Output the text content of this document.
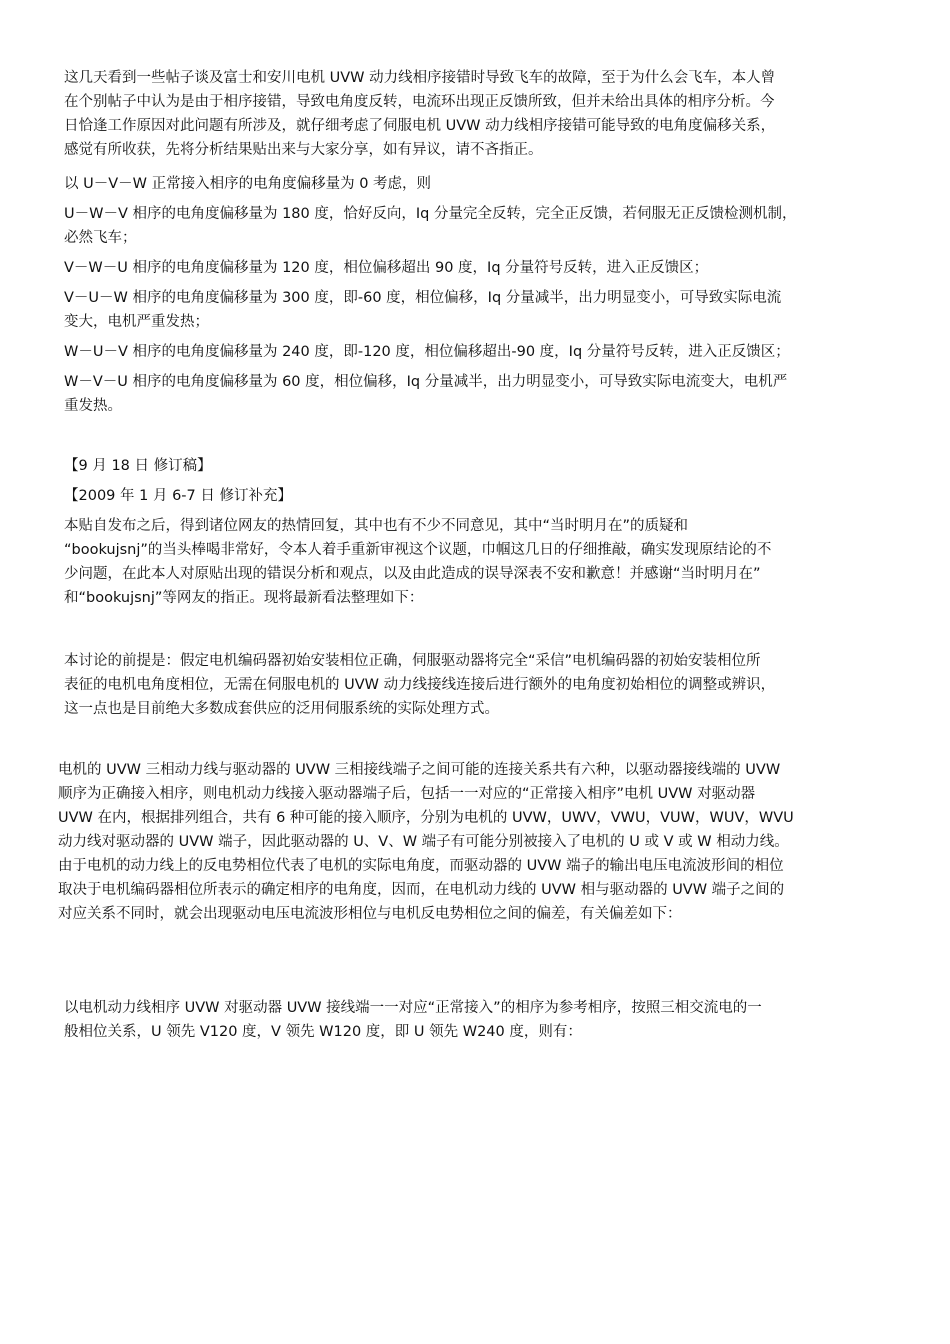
这几天看到一些帖子谈及富士和安川电机 UVW 动力线相序接错时导致飞车的故障，至于为什么会飞车，本人曾
在个别帖子中认为是由于相序接错，导致电角度反转，电流环出现正反馈所致，但并未给出具体的相序分析。今
日恰逢工作原因对此问题有所涉及，就仔细考虑了伺服电机 UVW 动力线相序接错可能导致的电角度偏移关系，
感觉有所收获，先将分析结果贴出来与大家分享，如有异议，请不吝指正。
以 U－V－W 正常接入相序的电角度偏移量为 0 考虑，则
U－W－V 相序的电角度偏移量为 180 度，恰好反向，Iq 分量完全反转，完全正反馈，若伺服无正反馈检测机制，
必然飞车；
V－W－U 相序的电角度偏移量为 120 度，相位偏移超出 90 度，Iq 分量符号反转，进入正反馈区；
V－U－W 相序的电角度偏移量为 300 度，即-60 度，相位偏移，Iq 分量减半，出力明显变小，可导致实际电流
变大，电机严重发热；
W－U－V 相序的电角度偏移量为 240 度，即-120 度，相位偏移超出-90 度，Iq 分量符号反转，进入正反馈区；
W－V－U 相序的电角度偏移量为 60 度，相位偏移，Iq 分量减半，出力明显变小，可导致实际电流变大，电机严
重发热。
【9 月 18 日 修订稿】
【2009 年 1 月 6-7 日 修订补充】
本贴自发布之后，得到诸位网友的热情回复，其中也有不少不同意见，其中“当时明月在”的质疑和
“bookujsnj”的当头棒喝非常好，令本人着手重新审视这个议题，巾帼这几日的仔细推敲，确实发现原结论的不
少问题，在此本人对原贴出现的错误分析和观点，以及由此造成的误导深表不安和歉意！并感谢“当时明月在”
和“bookujsnj”等网友的指正。现将最新看法整理如下：
本讨论的前提是：假定电机编码器初始安装相位正确，伺服驱动器将完全“采信”电机编码器的初始安装相位所
表征的电机电角度相位，无需在伺服电机的 UVW 动力线接线连接后进行额外的电角度初始相位的调整或辨识，
这一点也是目前绝大多数成套供应的泛用伺服系统的实际处理方式。
电机的 UVW 三相动力线与驱动器的 UVW 三相接线端子之间可能的连接关系共有六种，以驱动器接线端的 UVW
顺序为正确接入相序，则电机动力线接入驱动器端子后，包括一一对应的“正常接入相序”电机 UVW 对驱动器
UVW 在内，根据排列组合，共有 6 种可能的接入顺序，分别为电机的 UVW，UWV，VWU，VUW，WUV，WVU
动力线对驱动器的 UVW 端子，因此驱动器的 U、V、W 端子有可能分别被接入了电机的 U 或 V 或 W 相动力线。
由于电机的动力线上的反电势相位代表了电机的实际电角度，而驱动器的 UVW 端子的输出电压电流波形间的相位
取决于电机编码器相位所表示的确定相序的电角度，因而，在电机动力线的 UVW 相与驱动器的 UVW 端子之间的
对应关系不同时，就会出现驱动电压电流波形相位与电机反电势相位之间的偏差，有关偏差如下：
以电机动力线相序 UVW 对驱动器 UVW 接线端一一对应“正常接入”的相序为参考相序，按照三相交流电的一
般相位关系，U 领先 V120 度，V 领先 W120 度，即 U 领先 W240 度，则有：
